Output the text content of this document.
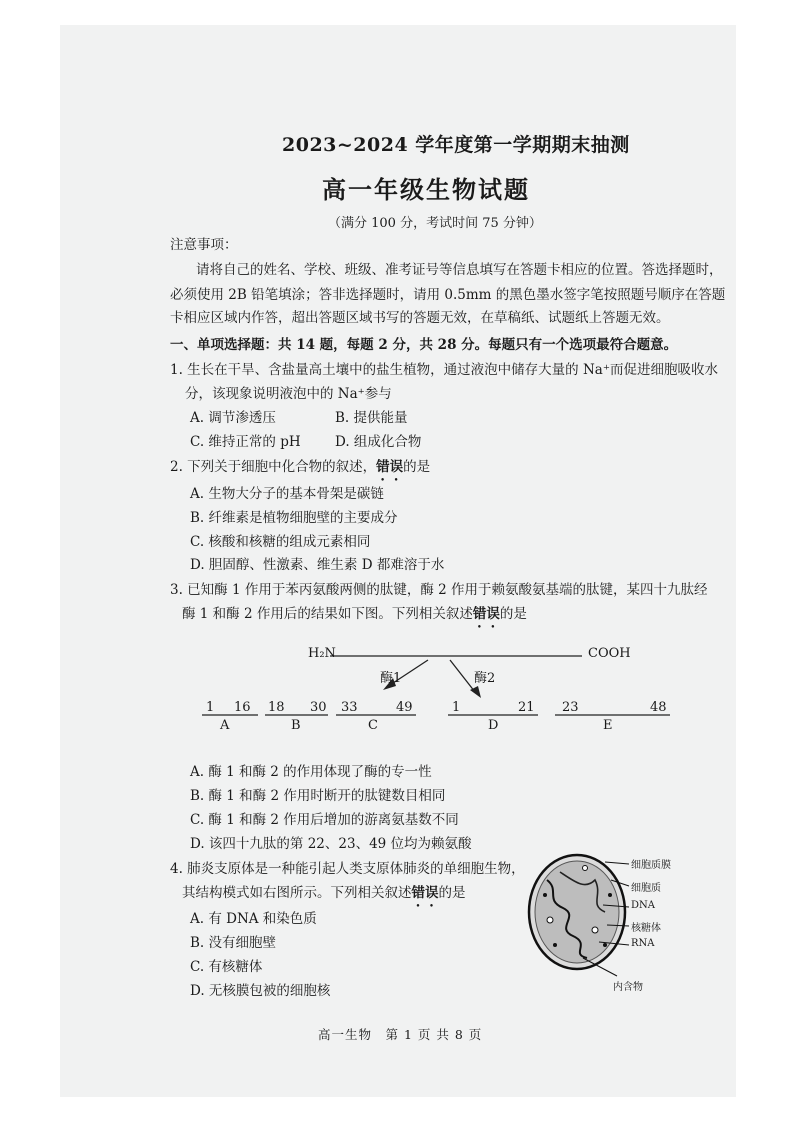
2023~2024 学年度第一学期期末抽测
高一年级生物试题
（满分 100 分，考试时间 75 分钟）
注意事项：
请将自己的姓名、学校、班级、准考证号等信息填写在答题卡相应的位置。答选择题时，
必须使用 2B 铅笔填涂；答非选择题时，请用 0.5mm 的黑色墨水签字笔按照题号顺序在答题
卡相应区域内作答，超出答题区域书写的答题无效，在草稿纸、试题纸上答题无效。
一、单项选择题：共 14 题，每题 2 分，共 28 分。每题只有一个选项最符合题意。
1. 生长在干旱、含盐量高土壤中的盐生植物，通过液泡中储存大量的 Na⁺而促进细胞吸收水
分，该现象说明液泡中的 Na⁺参与
A. 调节渗透压	B. 提供能量
C. 维持正常的 pH	D. 组成化合物
2. 下列关于细胞中化合物的叙述，错误的是
A. 生物大分子的基本骨架是碳链
B. 纤维素是植物细胞壁的主要成分
C. 核酸和核糖的组成元素相同
D. 胆固醇、性激素、维生素 D 都难溶于水
3. 已知酶 1 作用于苯丙氨酸两侧的肽键，酶 2 作用于赖氨酸氨基端的肽键，某四十九肽经
酶 1 和酶 2 作用后的结果如下图。下列相关叙述错误的是
H₂N	COOH
酶1	酶2
1 16
A
18 30
B
33	49
C
1	21
D
23	48
E
A. 酶 1 和酶 2 的作用体现了酶的专一性
B. 酶 1 和酶 2 作用时断开的肽键数目相同
C. 酶 1 和酶 2 作用后增加的游离氨基数不同
D. 该四十九肽的第 22、23、49 位均为赖氨酸
4. 肺炎支原体是一种能引起人类支原体肺炎的单细胞生物，
其结构模式如右图所示。下列相关叙述错误的是
A. 有 DNA 和染色质
B. 没有细胞壁
C. 有核糖体
D. 无核膜包被的细胞核
细胞质膜
细胞质
DNA
核糖体
RNA
内含物
高一生物　第 1 页 共 8 页
